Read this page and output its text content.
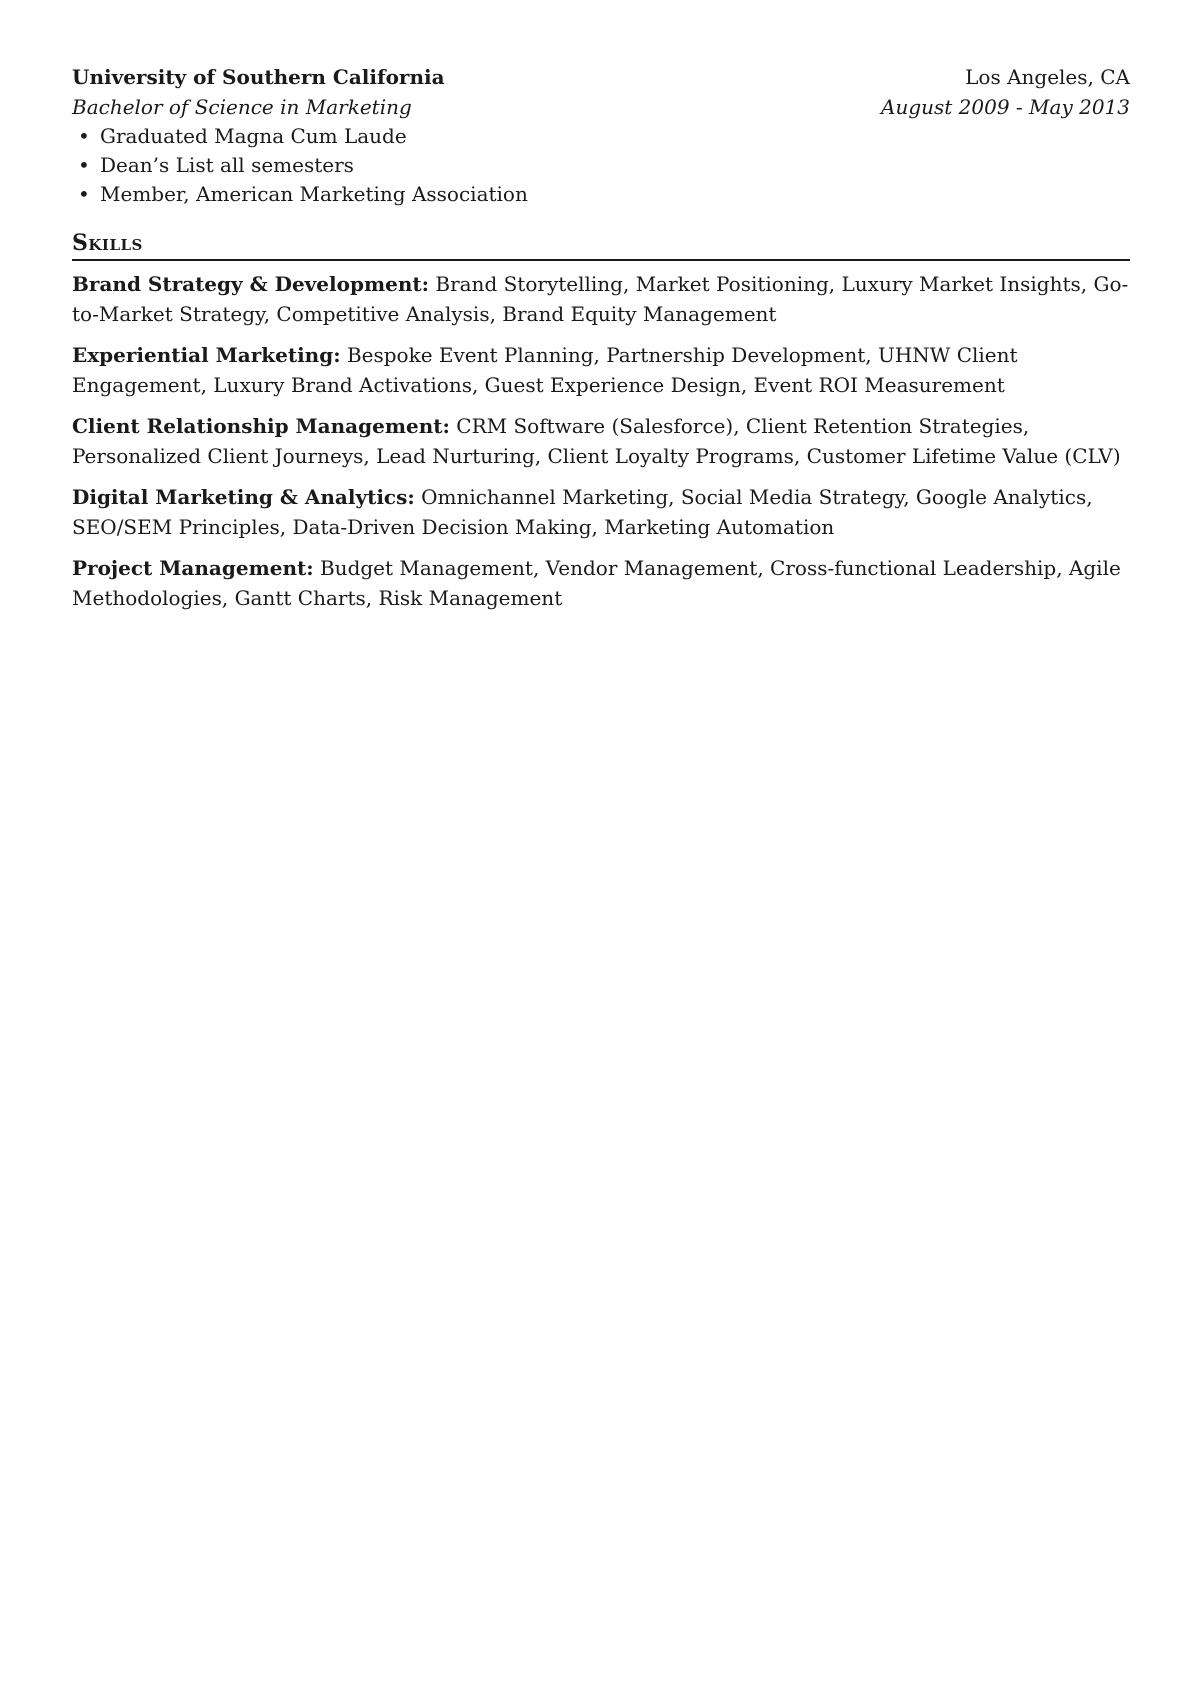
University of Southern California	Los Angeles, CA
Bachelor of Science in Marketing	August 2009 - May 2013
• Graduated Magna Cum Laude
• Dean’s List all semesters
• Member, American Marketing Association
Skills
Brand Strategy & Development: Brand Storytelling, Market Positioning, Luxury Market Insights, Go-to-Market Strategy, Competitive Analysis, Brand Equity Management
Experiential Marketing: Bespoke Event Planning, Partnership Development, UHNW Client Engagement, Luxury Brand Activations, Guest Experience Design, Event ROI Measurement
Client Relationship Management: CRM Software (Salesforce), Client Retention Strategies, Personalized Client Journeys, Lead Nurturing, Client Loyalty Programs, Customer Lifetime Value (CLV)
Digital Marketing & Analytics: Omnichannel Marketing, Social Media Strategy, Google Analytics, SEO/SEM Principles, Data-Driven Decision Making, Marketing Automation
Project Management: Budget Management, Vendor Management, Cross-functional Leadership, Agile Methodologies, Gantt Charts, Risk Management
